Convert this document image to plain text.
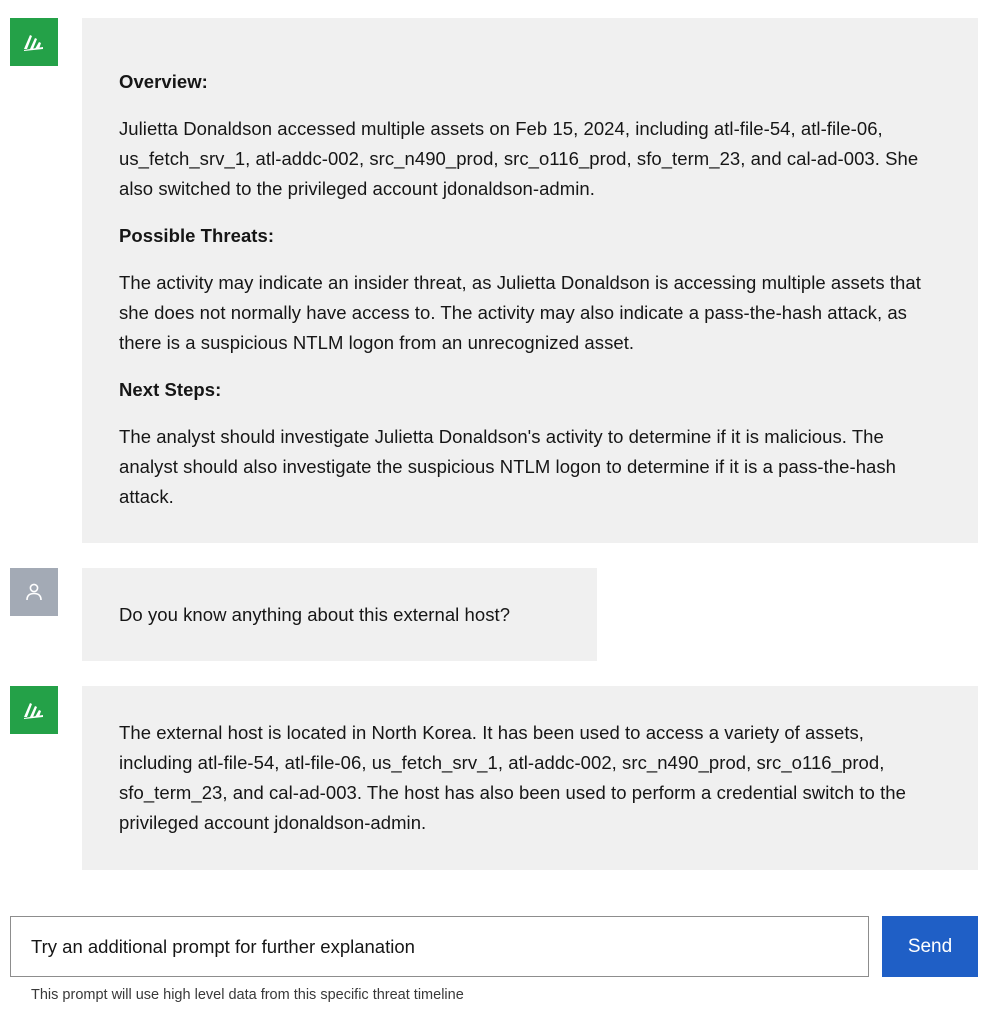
Overview:

Julietta Donaldson accessed multiple assets on Feb 15, 2024, including atl-file-54, atl-file-06, us_fetch_srv_1, atl-addc-002, src_n490_prod, src_o116_prod, sfo_term_23, and cal-ad-003. She also switched to the privileged account jdonaldson-admin.

Possible Threats:

The activity may indicate an insider threat, as Julietta Donaldson is accessing multiple assets that she does not normally have access to. The activity may also indicate a pass-the-hash attack, as there is a suspicious NTLM logon from an unrecognized asset.

Next Steps:

The analyst should investigate Julietta Donaldson's activity to determine if it is malicious. The analyst should also investigate the suspicious NTLM logon to determine if it is a pass-the-hash attack.

Do you know anything about this external host?

The external host is located in North Korea. It has been used to access a variety of assets, including atl-file-54, atl-file-06, us_fetch_srv_1, atl-addc-002, src_n490_prod, src_o116_prod, sfo_term_23, and cal-ad-003. The host has also been used to perform a credential switch to the privileged account jdonaldson-admin.

Try an additional prompt for further explanation	Send
This prompt will use high level data from this specific threat timeline
